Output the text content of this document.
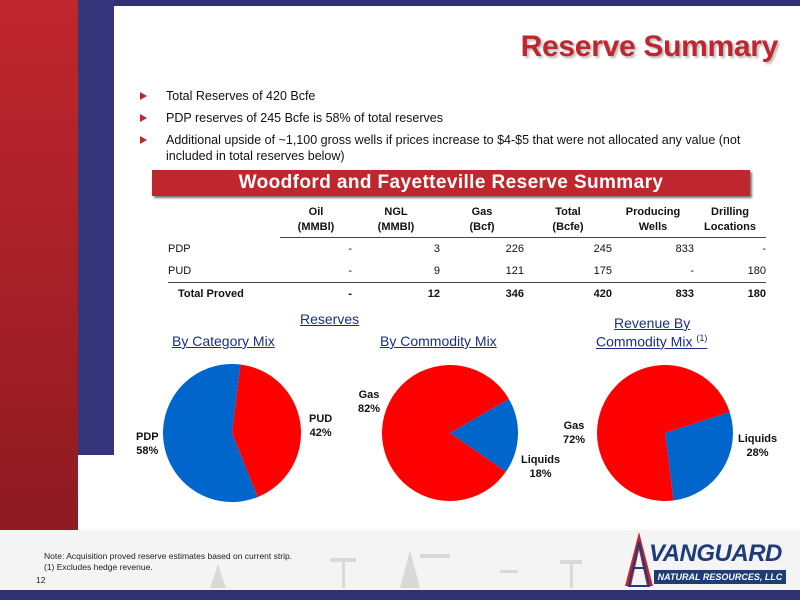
Reserve Summary
Total Reserves of 420 Bcfe
PDP reserves of 245 Bcfe is 58% of total reserves
Additional upside of ~1,100 gross wells if prices increase to $4-$5 that were not allocated any value (not included in total reserves below)
Woodford and Fayetteville Reserve Summary
	Oil	NGL	Gas	Total	Producing	Drilling
	(MMBl)	(MMBl)	(Bcf)	(Bcfe)	Wells	Locations
PDP	-	3	226	245	833	-
PUD	-	9	121	175	-	180
Total Proved	-	12	346	420	833	180
Reserves
By Category Mix	By Commodity Mix
Revenue By
Commodity Mix $^{(1)}$
PUD
42%
PDP
58%
Gas
82%
Liquids
18%
Gas
72%	Liquids
28%
Note: Acquisition proved reserve estimates based on current strip.
(1) Excludes hedge revenue.
12
VANGUARD
NATURAL RESOURCES, LLC
